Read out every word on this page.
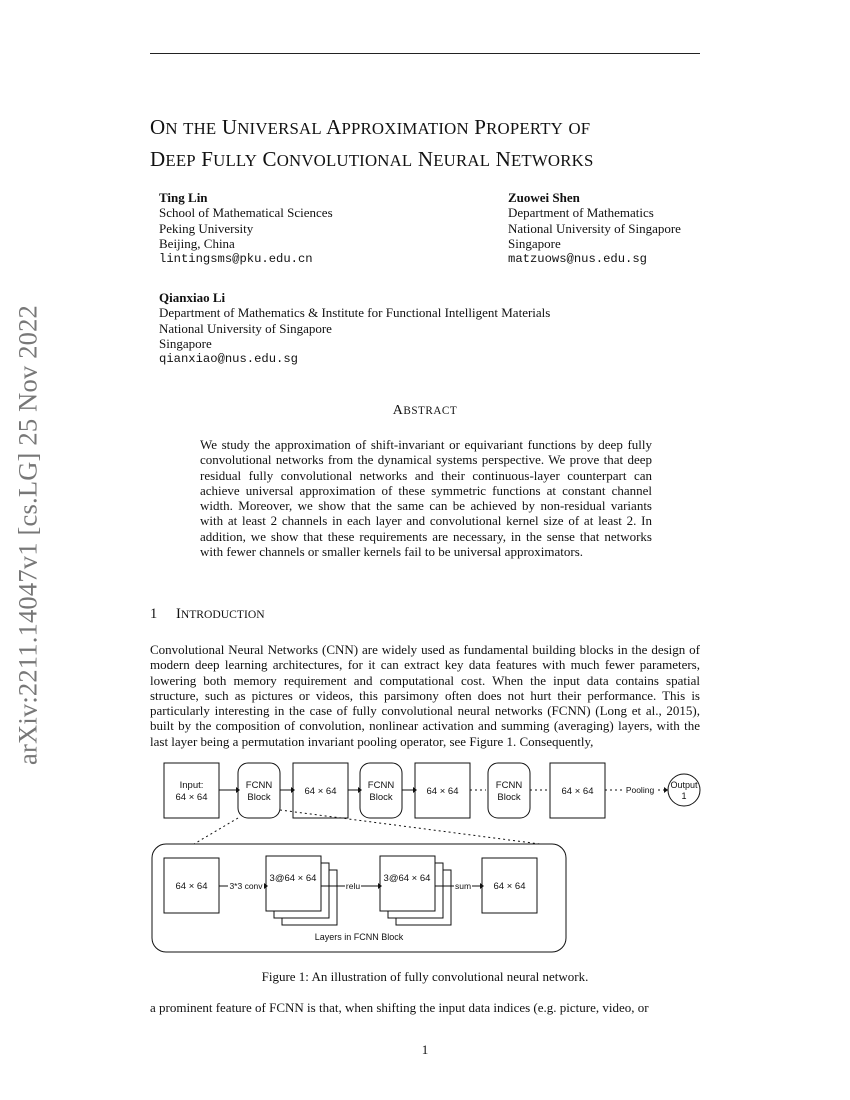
arXiv:2211.14047v1 [cs.LG] 25 Nov 2022
ON THE UNIVERSAL APPROXIMATION PROPERTY OF
DEEP FULLY CONVOLUTIONAL NEURAL NETWORKS
Ting Lin
School of Mathematical Sciences
Peking University
Beijing, China
lintingsms@pku.edu.cn
Zuowei Shen
Department of Mathematics
National University of Singapore
Singapore
matzuows@nus.edu.sg
Qianxiao Li
Department of Mathematics & Institute for Functional Intelligent Materials
National University of Singapore
Singapore
qianxiao@nus.edu.sg
ABSTRACT
We study the approximation of shift-invariant or equivariant functions by deep fully convolutional networks from the dynamical systems perspective. We prove that deep residual fully convolutional networks and their continuous-layer counterpart can achieve universal approximation of these symmetric functions at constant channel width. Moreover, we show that the same can be achieved by non-residual variants with at least 2 channels in each layer and convolutional kernel size of at least 2. In addition, we show that these requirements are necessary, in the sense that networks with fewer channels or smaller kernels fail to be universal approximators.
1 INTRODUCTION
Convolutional Neural Networks (CNN) are widely used as fundamental building blocks in the design of modern deep learning architectures, for it can extract key data features with much fewer parameters, lowering both memory requirement and computational cost. When the input data contains spatial structure, such as pictures or videos, this parsimony often does not hurt their performance. This is particularly interesting in the case of fully convolutional neural networks (FCNN) (Long et al., 2015), built by the composition of convolution, nonlinear activation and summing (averaging) layers, with the last layer being a permutation invariant pooling operator, see Figure 1. Consequently,
Input:
64 × 64
FCNN
Block
64 × 64
FCNN
Block
64 × 64
FCNN
Block
64 × 64
Output
1
64 × 64
3@64 × 64	3@64 × 64
64 × 64
Layers in FCNN Block
Pooling
3*3 conv	relu	sum
Figure 1: An illustration of fully convolutional neural network.
a prominent feature of FCNN is that, when shifting the input data indices (e.g. picture, video, or
1
